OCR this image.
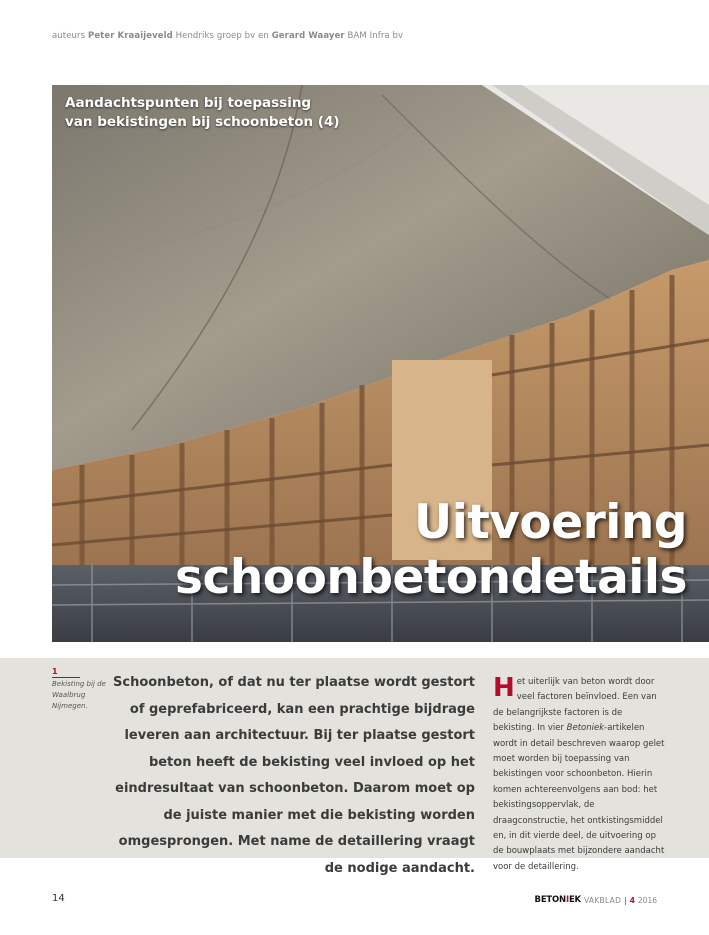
auteurs Peter Kraaijeveld Hendriks groep bv en Gerard Waayer BAM Infra bv
Aandachtspunten bij toepassing
van bekistingen bij schoonbeton (4)
Uitvoering
schoonbetondetails
1
Bekisting bij de Waalbrug Nijmegen.
Schoonbeton, of dat nu ter plaatse wordt gestort of geprefabriceerd, kan een prachtige bijdrage leveren aan architectuur. Bij ter plaatse gestort beton heeft de bekisting veel invloed op het eindresultaat van schoonbeton. Daarom moet op de juiste manier met die bekisting worden omgesprongen. Met name de detaillering vraagt de nodige aandacht.
Het uiterlijk van beton wordt door veel factoren beïnvloed. Een van de belangrijkste factoren is de bekisting. In vier Betoniek-artikelen wordt in detail beschreven waarop gelet moet worden bij toepassing van bekistingen voor schoonbeton. Hierin komen achtereenvolgens aan bod: het bekistingsoppervlak, de draagconstructie, het ontkistingsmiddel en, in dit vierde deel, de uitvoering op de bouwplaats met bijzondere aandacht voor de detaillering.
14	BETONIEK VAKBLAD | 4 2016
